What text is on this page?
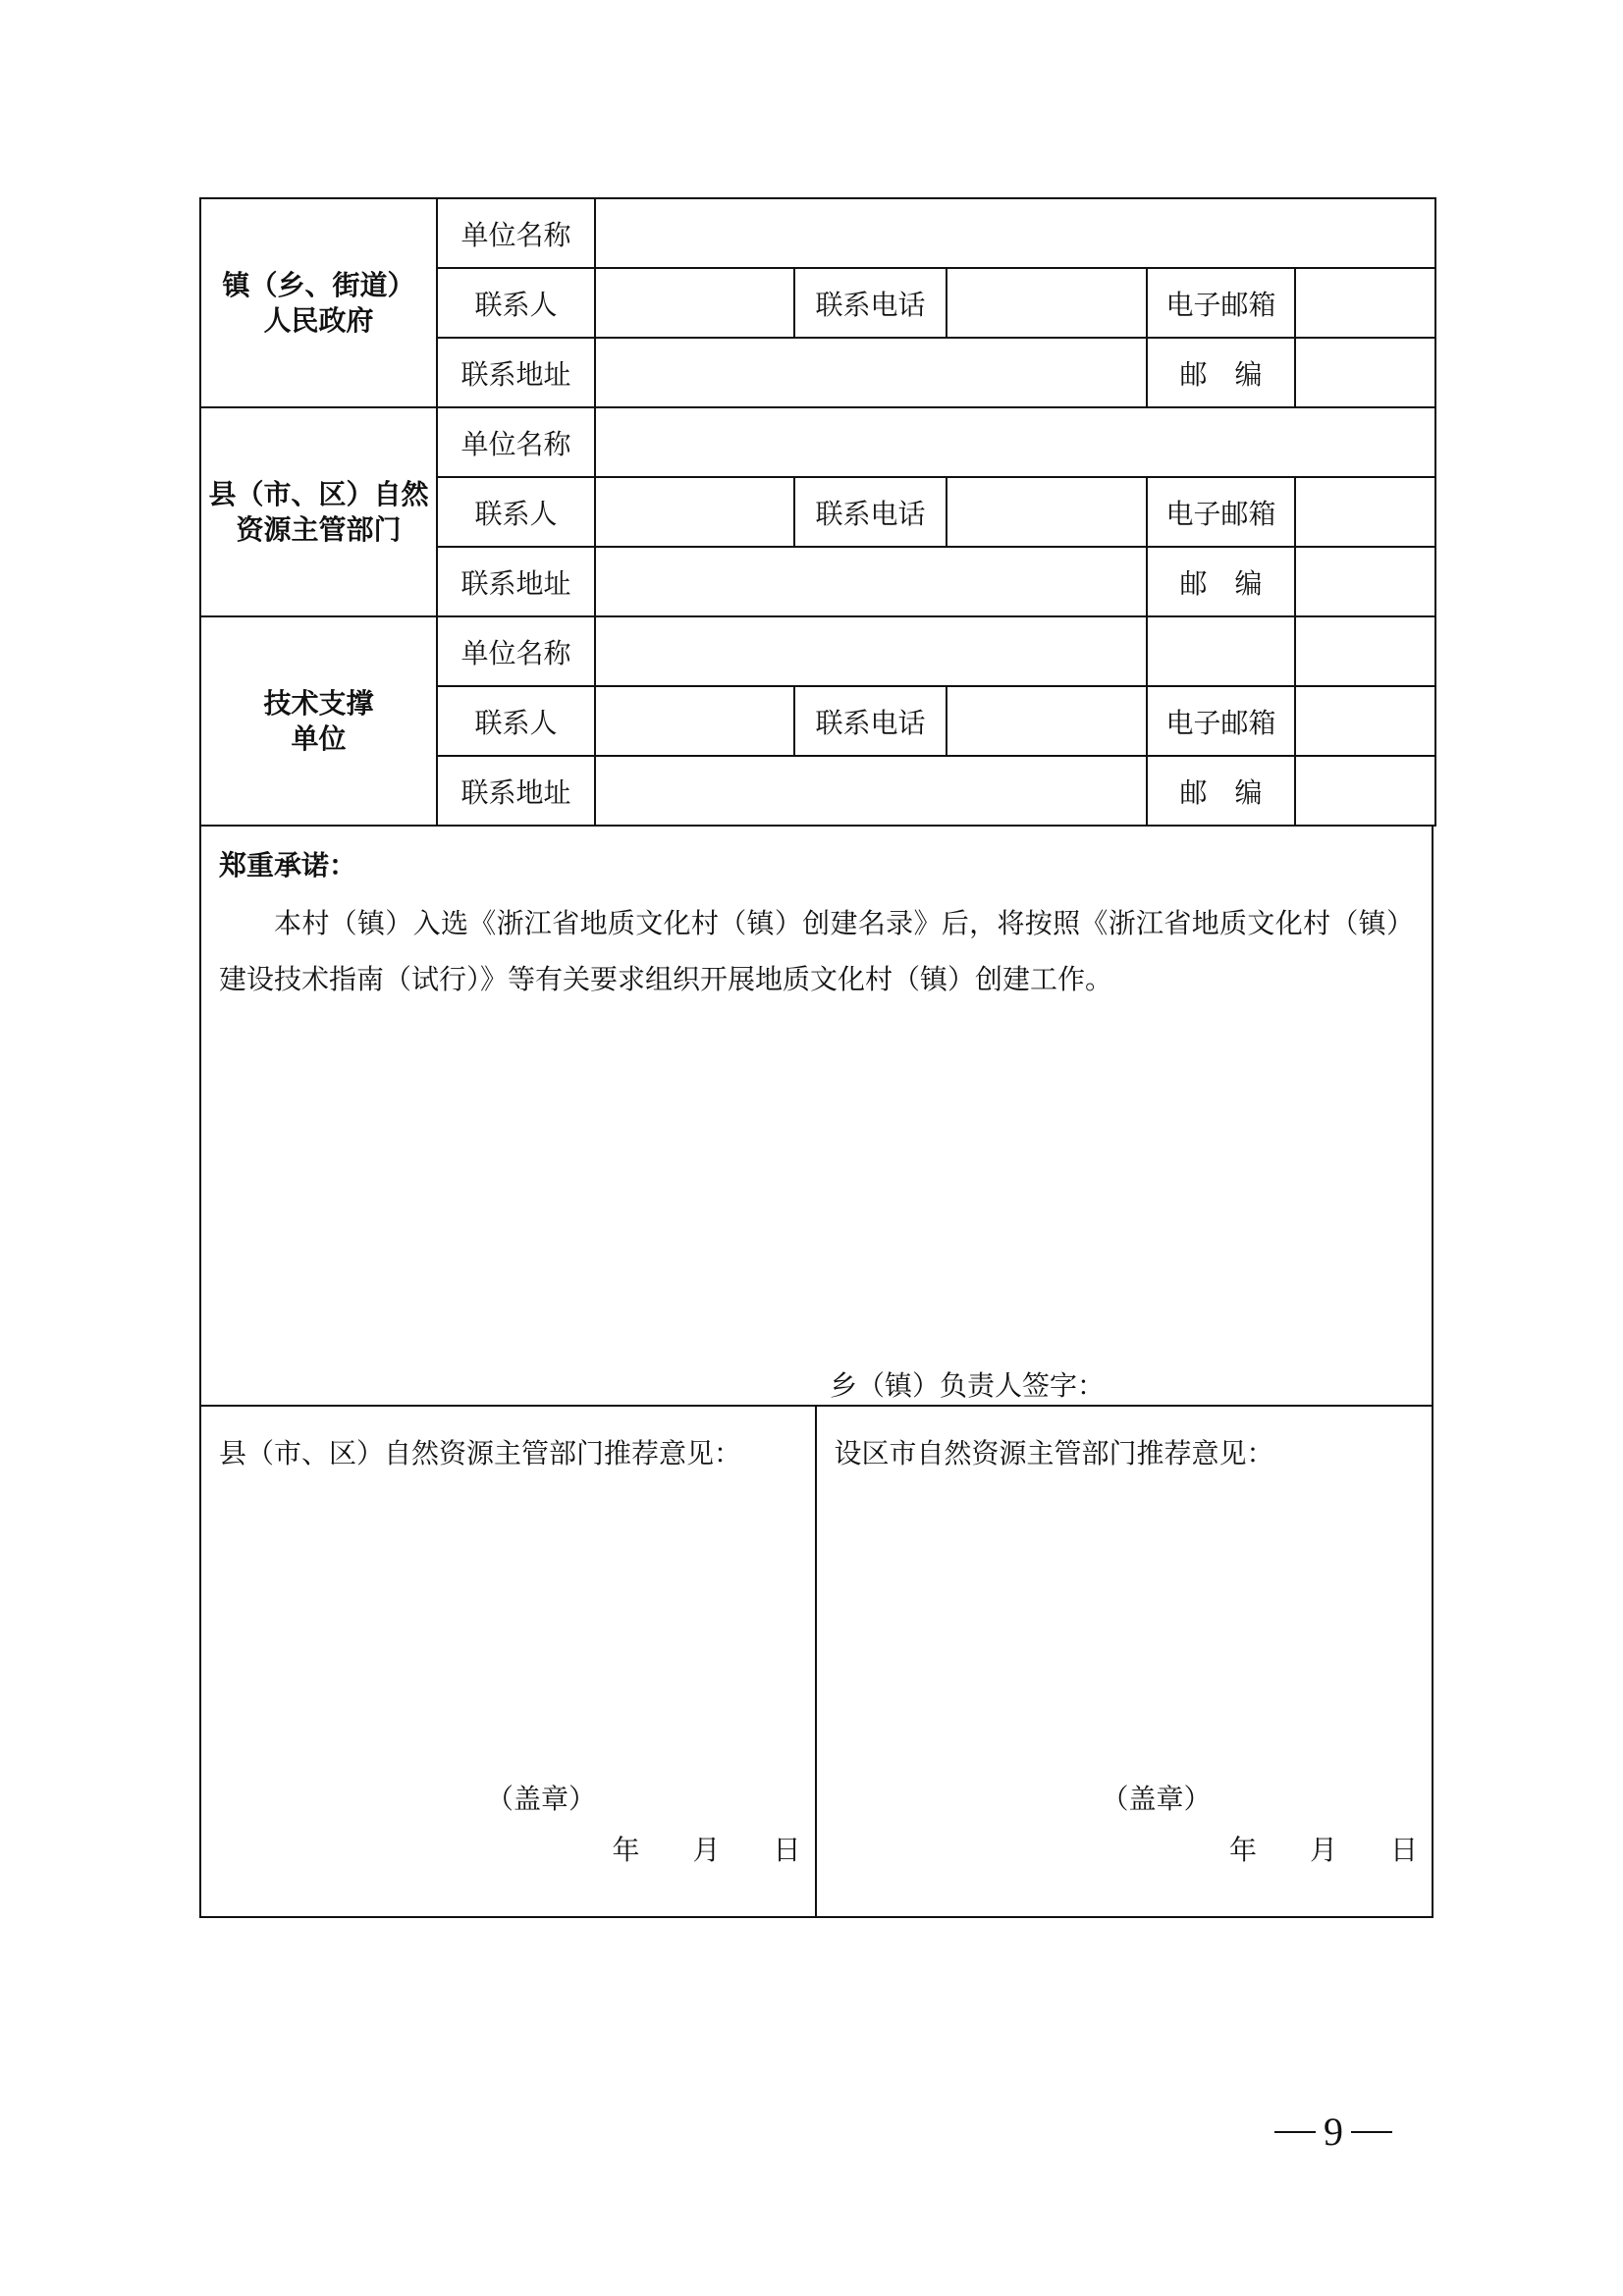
镇（乡、街道）
人民政府	单位名称					
	联系人		联系电话		电子邮箱	
	联系地址				邮　编	

县（市、区）自然
资源主管部门	单位名称					
	联系人		联系电话		电子邮箱	
	联系地址				邮　编	

技术支撑
单位	单位名称					
	联系人		联系电话		电子邮箱	
	联系地址				邮　编	
郑重承诺：
本村（镇）入选《浙江省地质文化村（镇）创建名录》后，将按照《浙江省地质文化村（镇）建设技术指南（试行）》等有关要求组织开展地质文化村（镇）创建工作。
乡（镇）负责人签字：
县（市、区）自然资源主管部门推荐意见：
（盖章）
年 月 日
设区市自然资源主管部门推荐意见：
（盖章）
年 月 日
9
